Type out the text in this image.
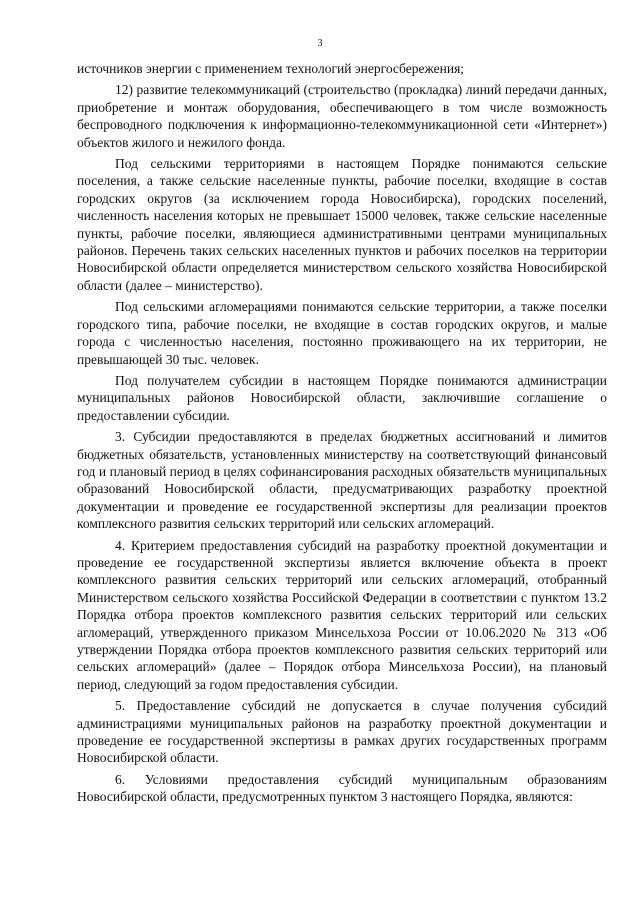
3

источников энергии с применением технологий энергосбережения;

12) развитие телекоммуникаций (строительство (прокладка) линий передачи данных, приобретение и монтаж оборудования, обеспечивающего в том числе возможность беспроводного подключения к информационно-телекоммуникационной сети «Интернет») объектов жилого и нежилого фонда.

Под сельскими территориями в настоящем Порядке понимаются сельские поселения, а также сельские населенные пункты, рабочие поселки, входящие в состав городских округов (за исключением города Новосибирска), городских поселений, численность населения которых не превышает 15000 человек, также сельские населенные пункты, рабочие поселки, являющиеся административными центрами муниципальных районов. Перечень таких сельских населенных пунктов и рабочих поселков на территории Новосибирской области определяется министерством сельского хозяйства Новосибирской области (далее – министерство).

Под сельскими агломерациями понимаются сельские территории, а также поселки городского типа, рабочие поселки, не входящие в состав городских округов, и малые города с численностью населения, постоянно проживающего на их территории, не превышающей 30 тыс. человек.

Под получателем субсидии в настоящем Порядке понимаются администрации муниципальных районов Новосибирской области, заключившие соглашение о предоставлении субсидии.

3. Субсидии предоставляются в пределах бюджетных ассигнований и лимитов бюджетных обязательств, установленных министерству на соответствующий финансовый год и плановый период в целях софинансирования расходных обязательств муниципальных образований Новосибирской области, предусматривающих разработку проектной документации и проведение ее государственной экспертизы для реализации проектов комплексного развития сельских территорий или сельских агломераций.

4. Критерием предоставления субсидий на разработку проектной документации и проведение ее государственной экспертизы является включение объекта в проект комплексного развития сельских территорий или сельских агломераций, отобранный Министерством сельского хозяйства Российской Федерации в соответствии с пунктом 13.2 Порядка отбора проектов комплексного развития сельских территорий или сельских агломераций, утвержденного приказом Минсельхоза России от 10.06.2020 № 313 «Об утверждении Порядка отбора проектов комплексного развития сельских территорий или сельских агломераций» (далее – Порядок отбора Минсельхоза России), на плановый период, следующий за годом предоставления субсидии.

5. Предоставление субсидий не допускается в случае получения субсидий администрациями муниципальных районов на разработку проектной документации и проведение ее государственной экспертизы в рамках других государственных программ Новосибирской области.

6. Условиями предоставления субсидий муниципальным образованиям Новосибирской области, предусмотренных пунктом 3 настоящего Порядка, являются:
